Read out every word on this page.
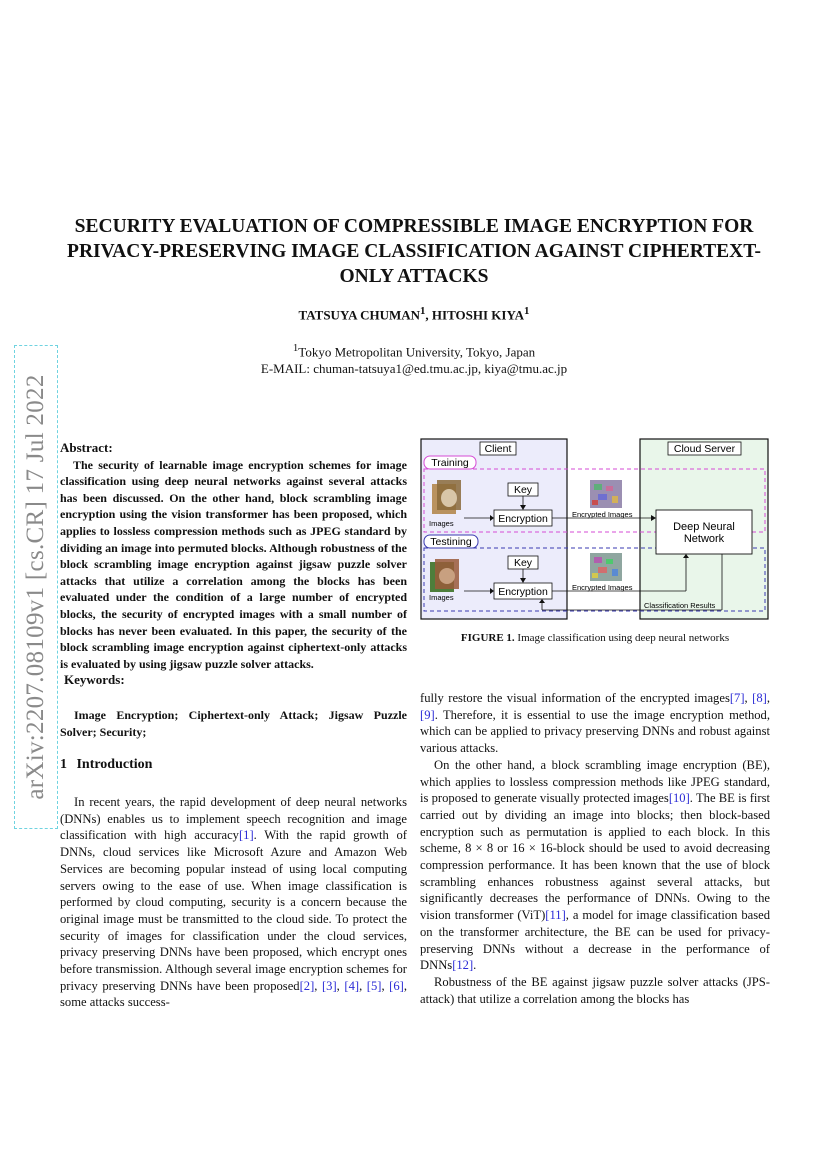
arXiv:2207.08109v1 [cs.CR] 17 Jul 2022
SECURITY EVALUATION OF COMPRESSIBLE IMAGE ENCRYPTION FOR PRIVACY-PRESERVING IMAGE CLASSIFICATION AGAINST CIPHERTEXT-ONLY ATTACKS
TATSUYA CHUMAN$^1$, HITOSHI KIYA$^1$
$^1$Tokyo Metropolitan University, Tokyo, Japan
E-MAIL: chuman-tatsuya1@ed.tmu.ac.jp, kiya@tmu.ac.jp
Abstract:

The security of learnable image encryption schemes for image classification using deep neural networks against several attacks has been discussed. On the other hand, block scrambling image encryption using the vision transformer has been proposed, which applies to lossless compression methods such as JPEG standard by dividing an image into permuted blocks. Although robustness of the block scrambling image encryption against jigsaw puzzle solver attacks that utilize a correlation among the blocks has been evaluated under the condition of a large number of encrypted blocks, the security of encrypted images with a small number of blocks has never been evaluated. In this paper, the security of the block scrambling image encryption against ciphertext-only attacks is evaluated by using jigsaw puzzle solver attacks.

Keywords:

Image Encryption; Ciphertext-only Attack; Jigsaw Puzzle Solver; Security;

1 Introduction

In recent years, the rapid development of deep neural networks (DNNs) enables us to implement speech recognition and image classification with high accuracy[1]. With the rapid growth of DNNs, cloud services like Microsoft Azure and Amazon Web Services are becoming popular instead of using local computing servers owing to the ease of use. When image classification is performed by cloud computing, security is a concern because the original image must be transmitted to the cloud side. To protect the security of images for classification under the cloud services, privacy preserving DNNs have been proposed, which encrypt ones before transmission. Although several image encryption schemes for privacy preserving DNNs have been proposed[2], [3], [4], [5], [6], some attacks success-

Client	Cloud Server
Training
Testining
Images
Images
Key
Encryption
Key
Encryption
Encrypted Images
Encrypted Images
Deep Neural
Network
Classification Results
FIGURE 1. Image classification using deep neural networks

fully restore the visual information of the encrypted images[7], [8], [9]. Therefore, it is essential to use the image encryption method, which can be applied to privacy preserving DNNs and robust against various attacks.

On the other hand, a block scrambling image encryption (BE), which applies to lossless compression methods like JPEG standard, is proposed to generate visually protected images[10]. The BE is first carried out by dividing an image into blocks; then block-based encryption such as permutation is applied to each block. In this scheme, 8 × 8 or 16 × 16-block should be used to avoid decreasing compression performance. It has been known that the use of block scrambling enhances robustness against several attacks, but significantly decreases the performance of DNNs. Owing to the vision transformer (ViT)[11], a model for image classification based on the transformer architecture, the BE can be used for privacy-preserving DNNs without a decrease in the performance of DNNs[12].

Robustness of the BE against jigsaw puzzle solver attacks (JPS-attack) that utilize a correlation among the blocks has
